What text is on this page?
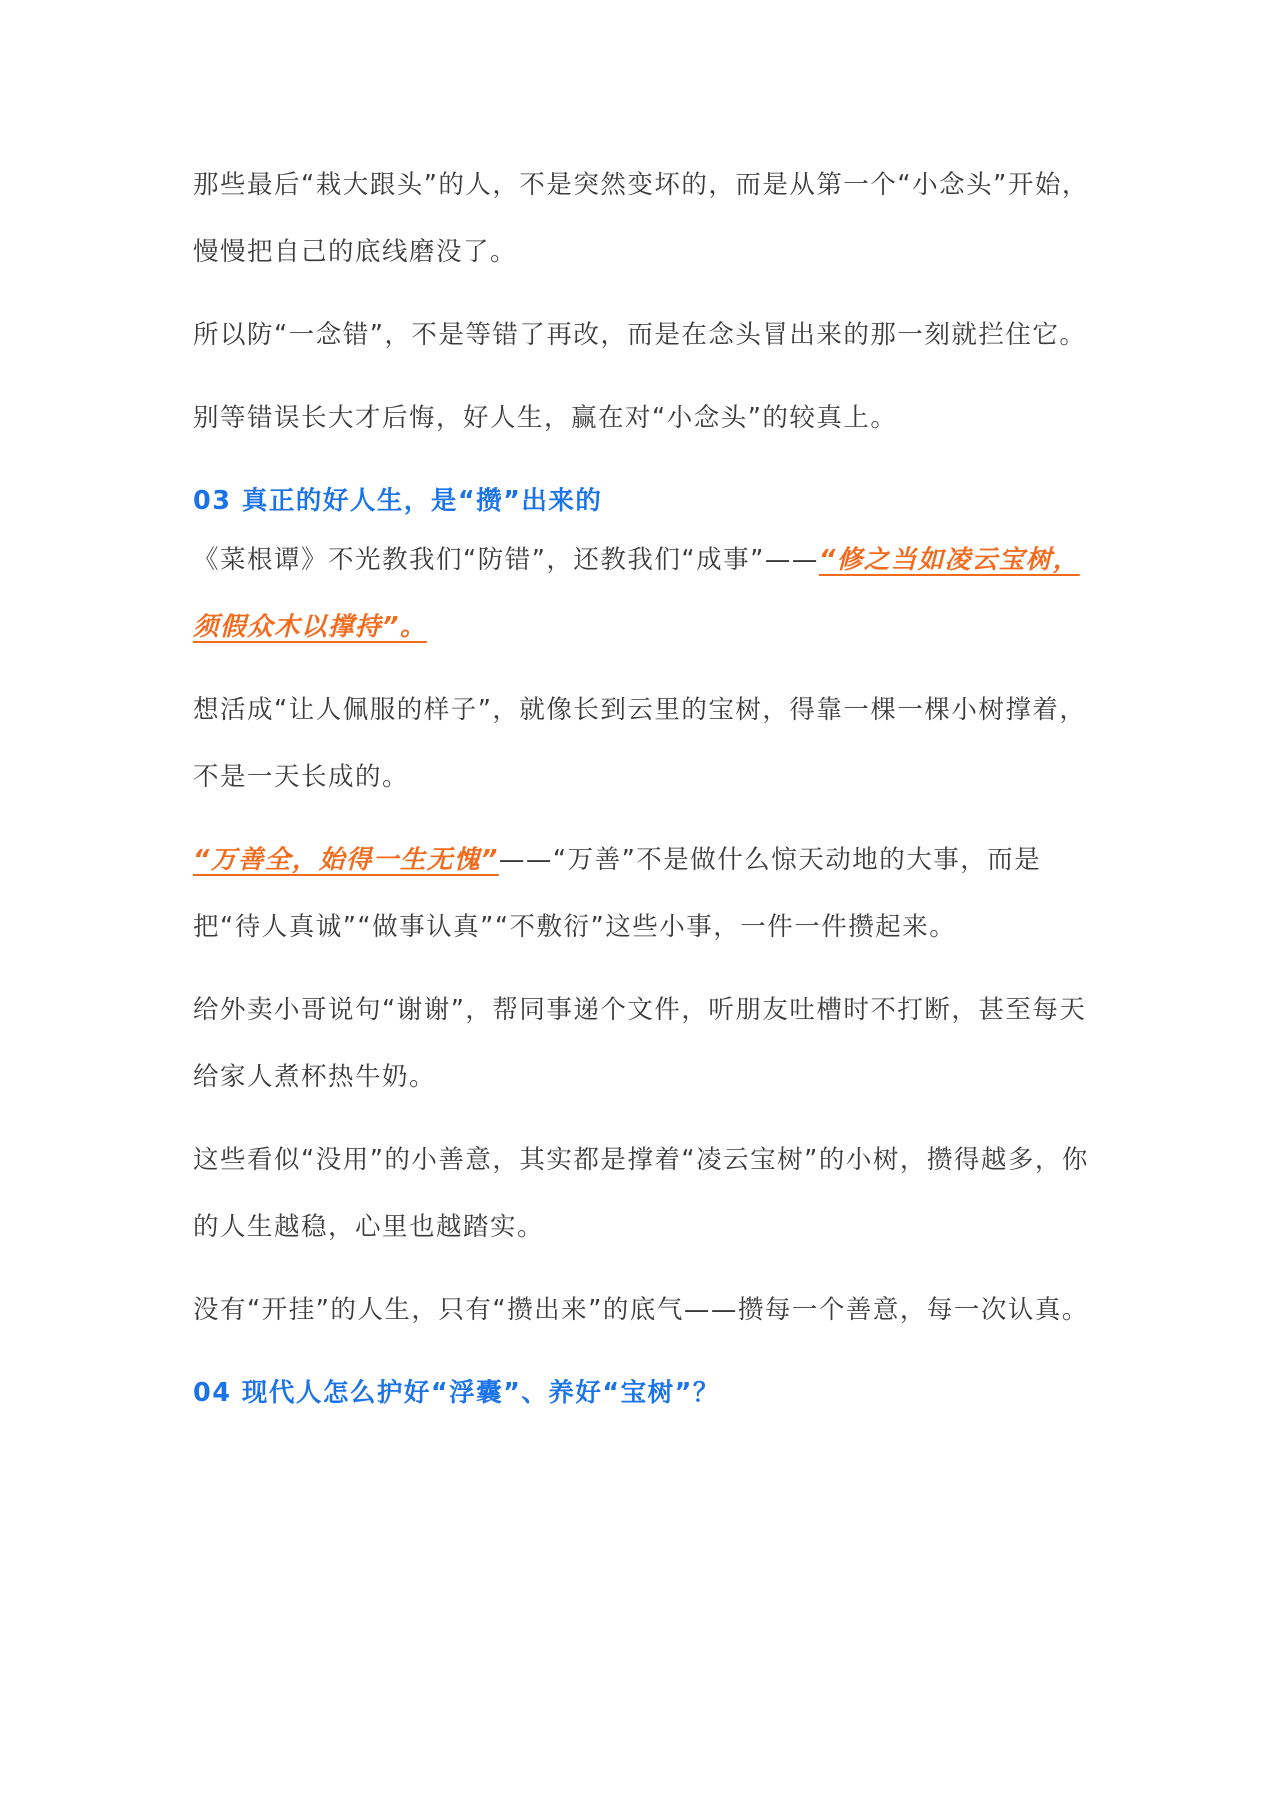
那些最后“栽大跟头”的人，不是突然变坏的，而是从第一个“小念头”开始，慢慢把自己的底线磨没了。

所以防“一念错”，不是等错了再改，而是在念头冒出来的那一刻就拦住它。

别等错误长大才后悔，好人生，赢在对“小念头”的较真上。

03 真正的好人生，是“攒”出来的

《菜根谭》不光教我们“防错”，还教我们“成事”——“修之当如凌云宝树，须假众木以撑持”。

想活成“让人佩服的样子”，就像长到云里的宝树，得靠一棵一棵小树撑着，不是一天长成的。

“万善全，始得一生无愧”——“万善”不是做什么惊天动地的大事，而是把“待人真诚”“做事认真”“不敷衍”这些小事，一件一件攒起来。

给外卖小哥说句“谢谢”，帮同事递个文件，听朋友吐槽时不打断，甚至每天给家人煮杯热牛奶。

这些看似“没用”的小善意，其实都是撑着“凌云宝树”的小树，攒得越多，你的人生越稳，心里也越踏实。

没有“开挂”的人生，只有“攒出来”的底气——攒每一个善意，每一次认真。

04 现代人怎么护好“浮囊”、养好“宝树”？
